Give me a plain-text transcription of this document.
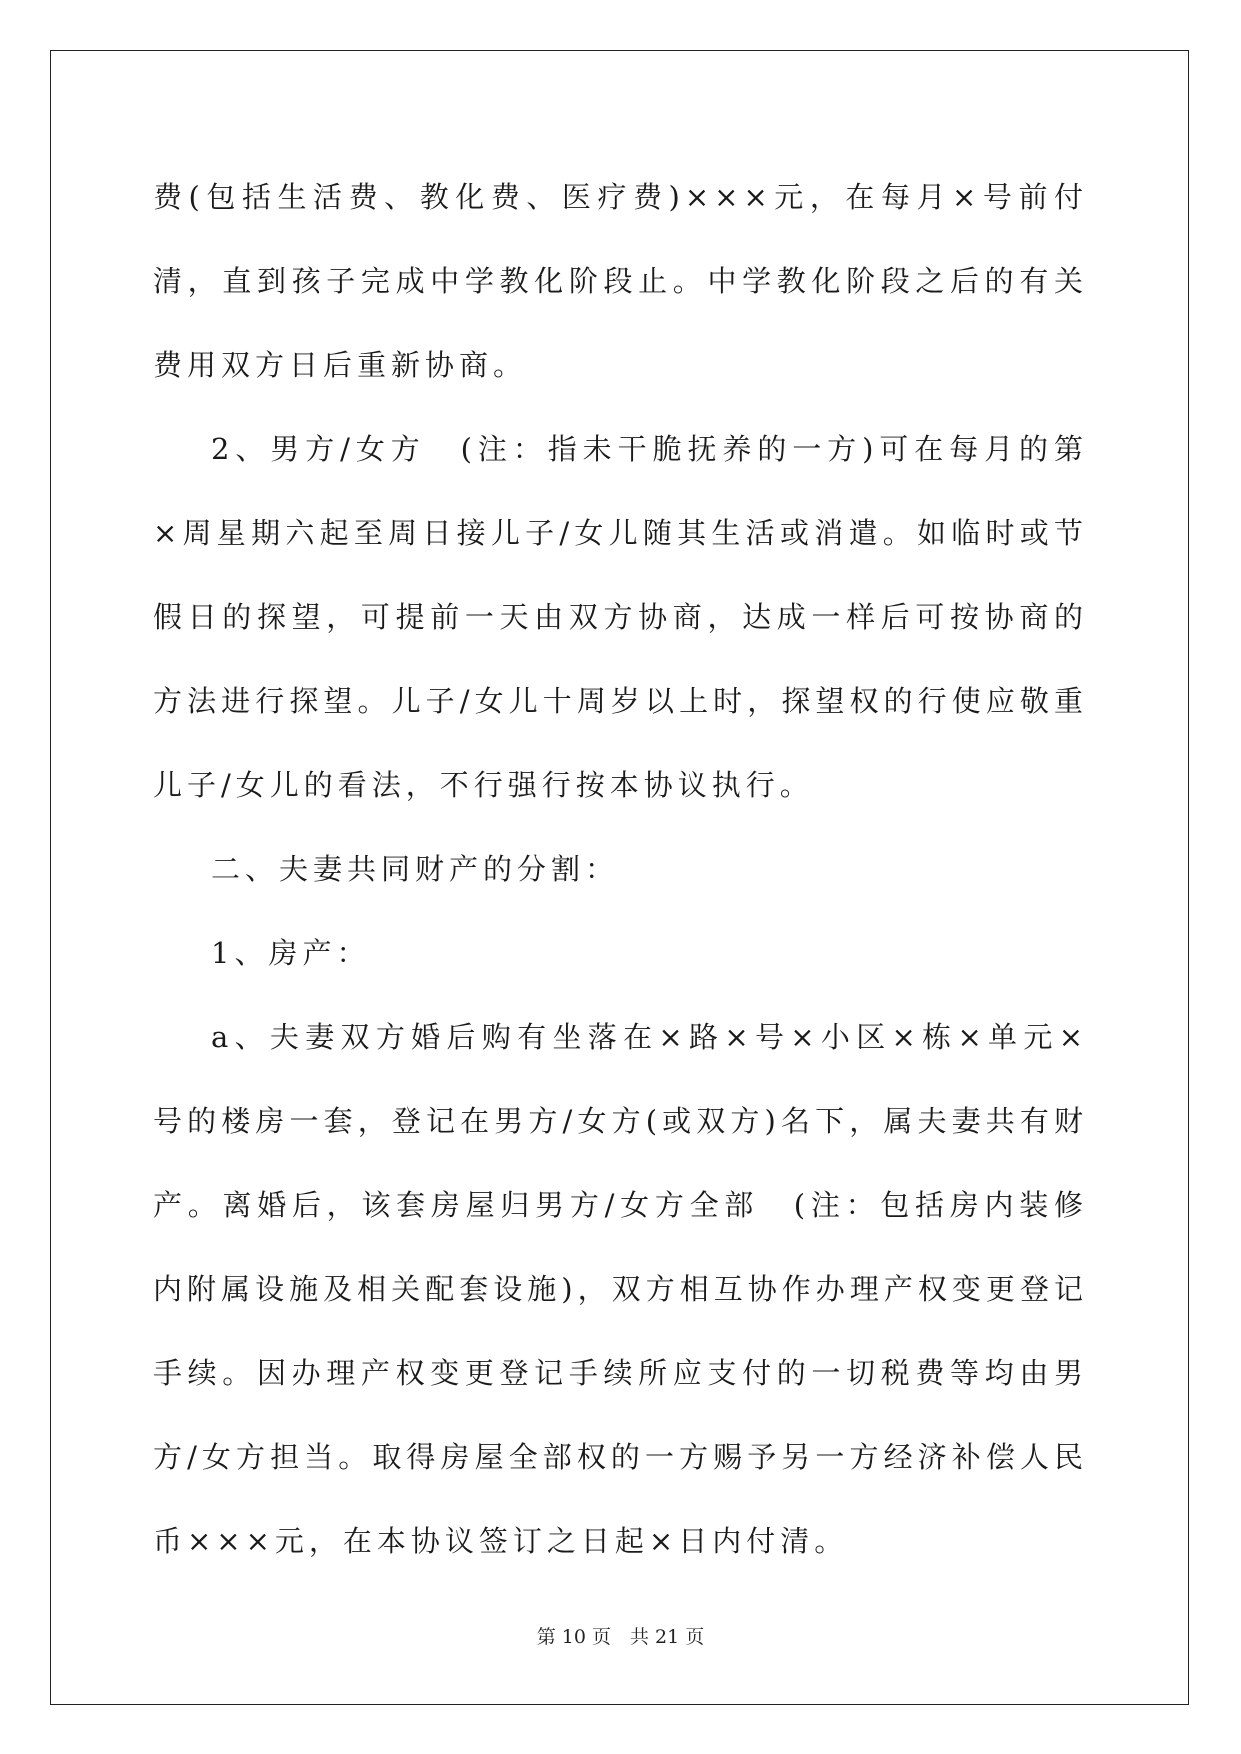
费(包括生活费、教化费、医疗费)×××元，在每月×号前付清，直到孩子完成中学教化阶段止。中学教化阶段之后的有关费用双方日后重新协商。

2、男方/女方　(注：指未干脆抚养的一方)可在每月的第×周星期六起至周日接儿子/女儿随其生活或消遣。如临时或节假日的探望，可提前一天由双方协商，达成一样后可按协商的方法进行探望。儿子/女儿十周岁以上时，探望权的行使应敬重儿子/女儿的看法，不行强行按本协议执行。

二、夫妻共同财产的分割：

1、房产：

a、夫妻双方婚后购有坐落在×路×号×小区×栋×单元×号的楼房一套，登记在男方/女方(或双方)名下，属夫妻共有财产。离婚后，该套房屋归男方/女方全部　(注：包括房内装修内附属设施及相关配套设施)，双方相互协作办理产权变更登记手续。因办理产权变更登记手续所应支付的一切税费等均由男方/女方担当。取得房屋全部权的一方赐予另一方经济补偿人民币×××元，在本协议签订之日起×日内付清。

第 10 页　共 21 页
